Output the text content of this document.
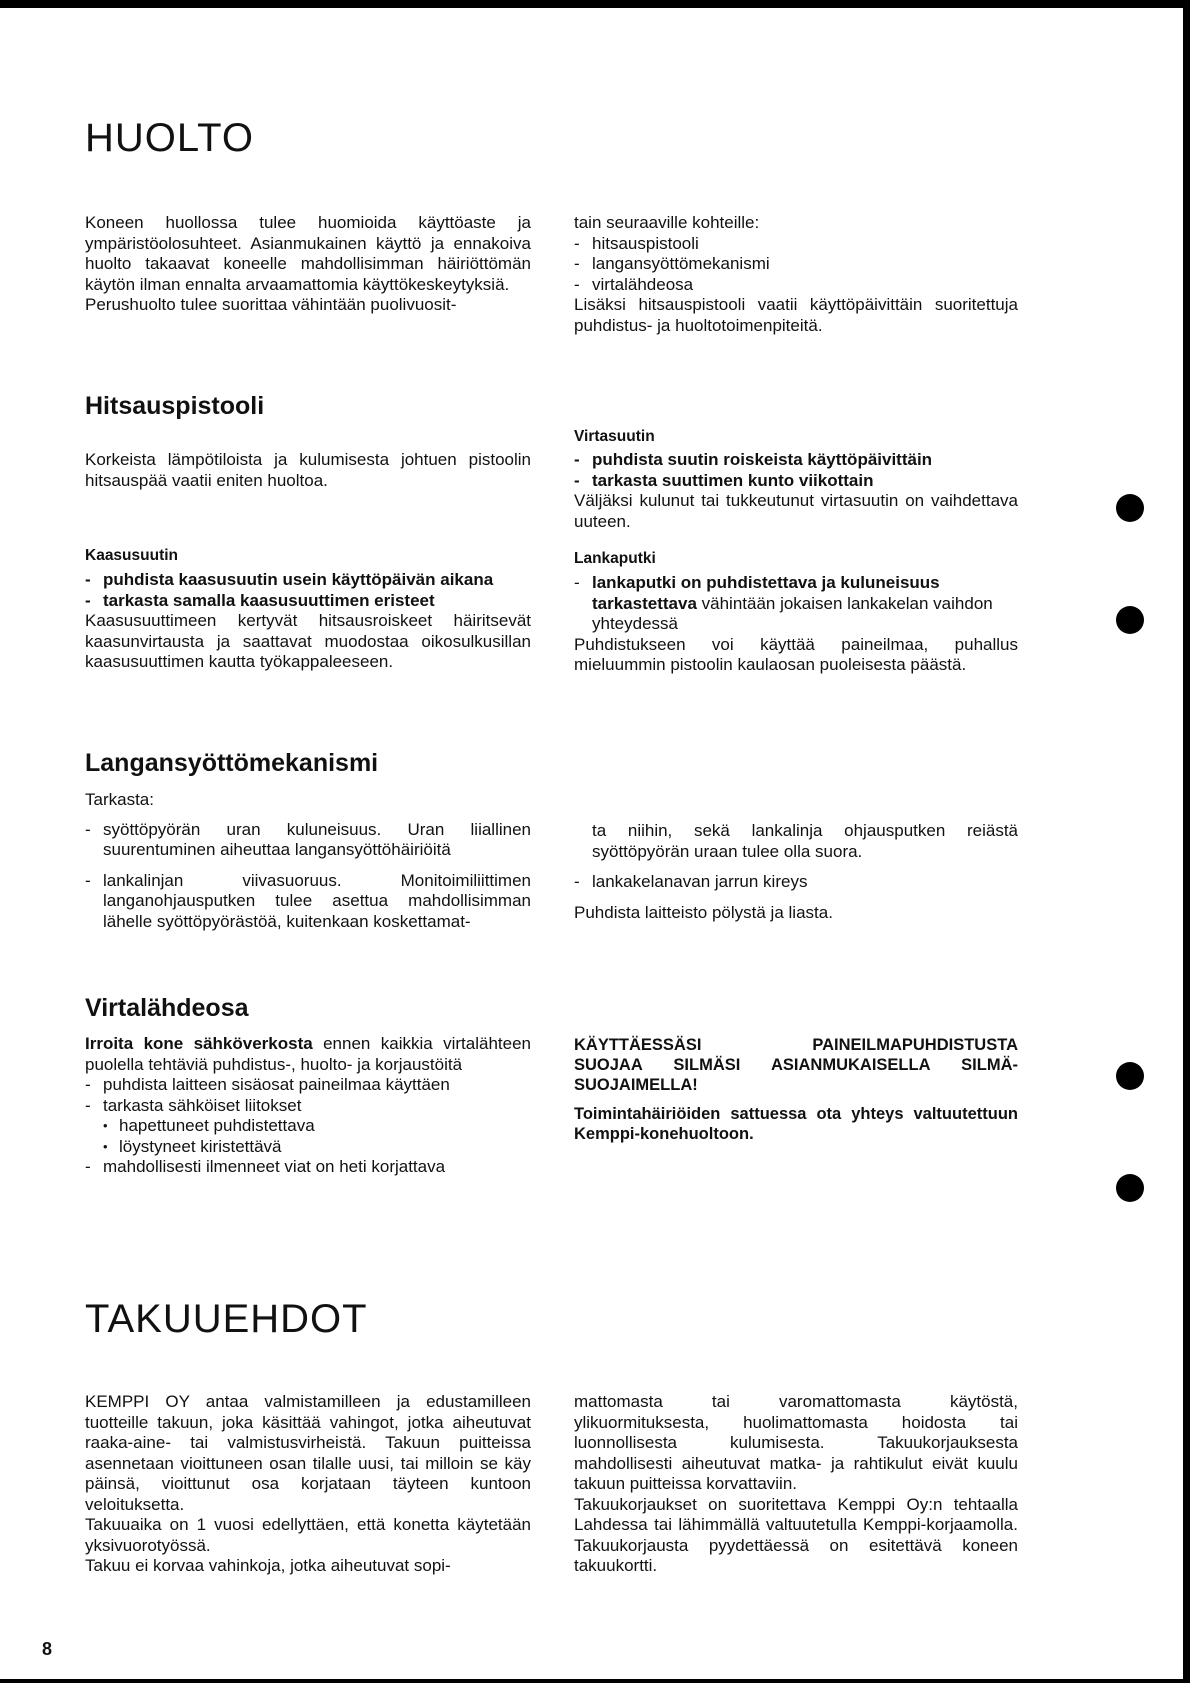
HUOLTO

Koneen huollossa tulee huomioida käyttöaste ja ympäristöolosuhteet. Asianmukainen käyttö ja ennakoiva huolto takaavat koneelle mahdollisimman häiriöttömän käytön ilman ennalta arvaamattomia käyttökeskeytyksiä.

Perushuolto tulee suorittaa vähintään puolivuosit-

tain seuraaville kohteille:

- hitsauspistooli

- langansyöttömekanismi

- virtalähdeosa

Lisäksi hitsauspistooli vaatii käyttöpäivittäin suoritettuja puhdistus- ja huoltotoimenpiteitä.

Hitsauspistooli

Korkeista lämpötiloista ja kulumisesta johtuen pistoolin hitsauspää vaatii eniten huoltoa.

Kaasusuutin

- puhdista kaasusuutin usein käyttöpäivän aikana

- tarkasta samalla kaasusuuttimen eristeet

Kaasusuuttimeen kertyvät hitsausroiskeet häiritsevät kaasunvirtausta ja saattavat muodostaa oikosulkusillan kaasusuuttimen kautta työkappaleeseen.

Virtasuutin

- puhdista suutin roiskeista käyttöpäivittäin

- tarkasta suuttimen kunto viikottain

Väljäksi kulunut tai tukkeutunut virtasuutin on vaihdettava uuteen.

Lankaputki

- lankaputki on puhdistettava ja kuluneisuus tarkastettava vähintään jokaisen lankakelan vaihdon yhteydessä

Puhdistukseen voi käyttää paineilmaa, puhallus mieluummin pistoolin kaulaosan puoleisesta päästä.

Langansyöttömekanismi

Tarkasta:

- syöttöpyörän uran kuluneisuus. Uran liiallinen suurentuminen aiheuttaa langansyöttöhäiriöitä

- lankalinjan viivasuoruus. Monitoimiliittimen langanohjausputken tulee asettua mahdollisimman lähelle syöttöpyörästöä, kuitenkaan koskettamat-

ta niihin, sekä lankalinja ohjausputken reiästä syöttöpyörän uraan tulee olla suora.

- lankakelanavan jarrun kireys

Puhdista laitteisto pölystä ja liasta.

Virtalähdeosa

Irroita kone sähköverkosta ennen kaikkia virtalähteen puolella tehtäviä puhdistus-, huolto- ja korjaustöitä

- puhdista laitteen sisäosat paineilmaa käyttäen

- tarkasta sähköiset liitokset

• hapettuneet puhdistettava

• löystyneet kiristettävä

- mahdollisesti ilmenneet viat on heti korjattava

KÄYTTÄESSÄSI PAINEILMAPUHDISTUSTA

SUOJAA SILMÄSI ASIANMUKAISELLA SILMÄ-

SUOJAIMELLA!

Toimintahäiriöiden sattuessa ota yhteys valtuutettuun Kemppi-konehuoltoon.

TAKUUEHDOT

KEMPPI OY antaa valmistamilleen ja edustamilleen tuotteille takuun, joka käsittää vahingot, jotka aiheutuvat raaka-aine- tai valmistusvirheistä. Takuun puitteissa asennetaan vioittuneen osan tilalle uusi, tai milloin se käy päinsä, vioittunut osa korjataan täyteen kuntoon veloituksetta.

Takuuaika on 1 vuosi edellyttäen, että konetta käytetään yksivuorotyössä.

Takuu ei korvaa vahinkoja, jotka aiheutuvat sopi-

mattomasta tai varomattomasta käytöstä, ylikuormituksesta, huolimattomasta hoidosta tai luonnollisesta kulumisesta. Takuukorjauksesta mahdollisesti aiheutuvat matka- ja rahtikulut eivät kuulu takuun puitteissa korvattaviin.

Takuukorjaukset on suoritettava Kemppi Oy:n tehtaalla Lahdessa tai lähimmällä valtuutetulla Kemppi-korjaamolla. Takuukorjausta pyydettäessä on esitettävä koneen takuukortti.

8
